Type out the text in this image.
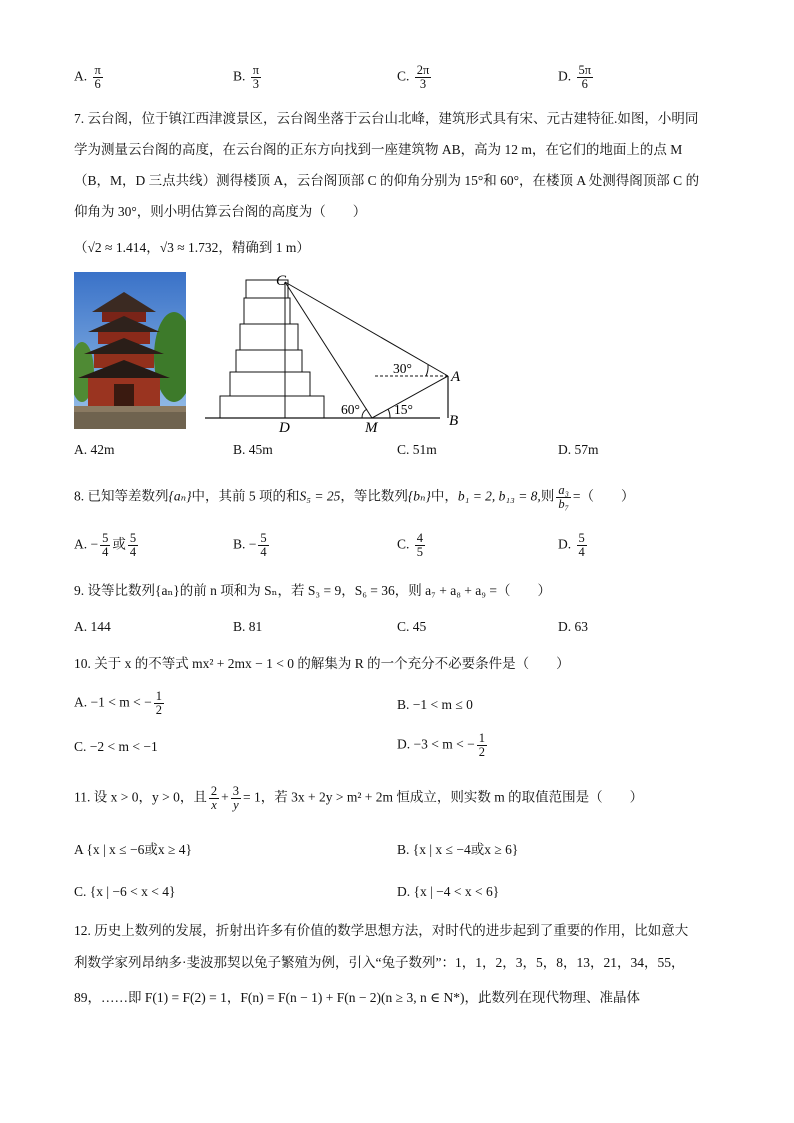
A. $\frac{\pi}{6}$	B. $\frac{\pi}{3}$	C. $\frac{2\pi}{3}$	D. $\frac{5\pi}{6}$
7. 云台阁，位于镇江西津渡景区，云台阁坐落于云台山北峰，建筑形式具有宋、元古建特征.如图，小明同
学为测量云台阁的高度，在云台阁的正东方向找到一座建筑物 AB，高为 12 m，在它们的地面上的点 M
（B，M，D 三点共线）测得楼顶 A，云台阁顶部 C 的仰角分别为 15°和 60°，在楼顶 A 处测得阁顶部 C 的
仰角为 30°，则小明估算云台阁的高度为（　　）
（√2 ≈ 1.414，√3 ≈ 1.732，精确到 1 m）
C
A
B
D	M
60°	15°
30°
A. 42m	B. 45m	C. 51m	D. 57m
8. 已知等差数列{aₙ}中，其前 5 项的和S₅ = 25，等比数列{bₙ}中，b₁ = 2, b₁₃ = 8,则 $\frac{\text{a₃}}{\text{b₇}}$ =（　　）
A. − $\frac{5}{4}$ 或 $\frac{5}{4}$	B. − $\frac{5}{4}$	C. $\frac{4}{5}$	D. $\frac{5}{4}$
9. 设等比数列{aₙ}的前 n 项和为 Sₙ，若 S₃ = 9，S₆ = 36，则 a₇ + a₈ + a₉ =（　　）
A. 144	B. 81	C. 45	D. 63
10. 关于 x 的不等式 mx² + 2mx − 1 < 0 的解集为 R 的一个充分不必要条件是（　　）
A. −1 < m < − $\frac{1}{2}$	B. −1 < m ≤ 0
C. −2 < m < −1	D. −3 < m < − $\frac{1}{2}$
11. 设 x > 0，y > 0，且 $\frac{2}{x} + \frac{3}{y} = 1$，若 3x + 2y > m² + 2m 恒成立，则实数 m 的取值范围是（　　）
A {x | x ≤ −6或x ≥ 4}	B. {x | x ≤ −4或x ≥ 6}
C. {x | −6 < x < 4}	D. {x | −4 < x < 6}
12. 历史上数列的发展，折射出许多有价值的数学思想方法，对时代的进步起到了重要的作用，比如意大
利数学家列昂纳多·斐波那契以兔子繁殖为例，引入“兔子数列”：1，1，2，3，5，8，13，21，34，55，
89，……即 F(1) = F(2) = 1，F(n) = F(n − 1) + F(n − 2)(n ≥ 3, n ∈ N*)，此数列在现代物理、准晶体
